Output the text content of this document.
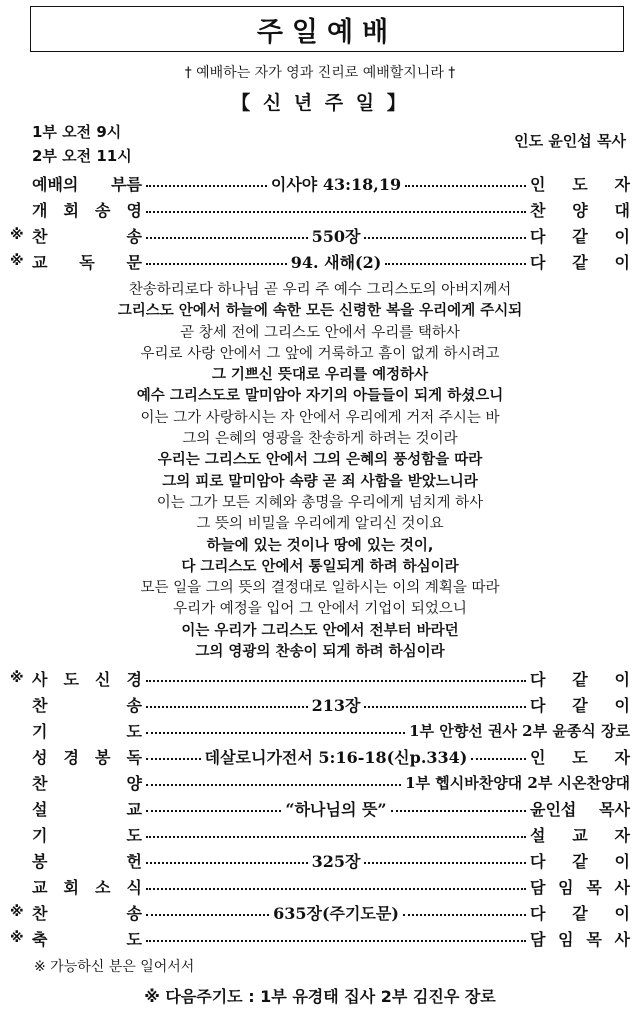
주일예배
† 예배하는 자가 영과 진리로 예배할지니라 †
【 신 년 주 일 】
1부 오전 9시
2부 오전 11시
인도 윤인섭 목사
예배의 부름	이사야 43:18,19	인 도 자
개 회 송 영	찬 양 대
※ 찬	송	550장	다 같 이
※ 교 독 문	94. 새해(2)	다 같 이
찬송하리로다 하나님 곧 우리 주 예수 그리스도의 아버지께서
그리스도 안에서 하늘에 속한 모든 신령한 복을 우리에게 주시되
곧 창세 전에 그리스도 안에서 우리를 택하사
우리로 사랑 안에서 그 앞에 거룩하고 흠이 없게 하시려고
그 기쁘신 뜻대로 우리를 예정하사
예수 그리스도로 말미암아 자기의 아들들이 되게 하셨으니
이는 그가 사랑하시는 자 안에서 우리에게 거저 주시는 바
그의 은혜의 영광을 찬송하게 하려는 것이라
우리는 그리스도 안에서 그의 은혜의 풍성함을 따라
그의 피로 말미암아 속량 곧 죄 사함을 받았느니라
이는 그가 모든 지혜와 총명을 우리에게 넘치게 하사
그 뜻의 비밀을 우리에게 알리신 것이요
하늘에 있는 것이나 땅에 있는 것이,
다 그리스도 안에서 통일되게 하려 하심이라
모든 일을 그의 뜻의 결정대로 일하시는 이의 계획을 따라
우리가 예정을 입어 그 안에서 기업이 되었으니
이는 우리가 그리스도 안에서 전부터 바라던
그의 영광의 찬송이 되게 하려 하심이라
※ 사 도 신 경	다 같 이
찬	송	213장	다 같 이
기	도	1부 안향선 권사 2부 윤종식 장로
성 경 봉 독	데살로니가전서 5:16-18(신p.334)	인 도 자
찬	양	1부 헵시바찬양대 2부 시온찬양대
설	교	“하나님의 뜻”	윤인섭 목사
기	도	설 교 자
봉	헌	325장	다 같 이
교 회 소 식	담 임 목 사
※ 찬	송	635장(주기도문)	다 같 이
※ 축	도	담 임 목 사
※ 가능하신 분은 일어서서
※ 다음주기도 : 1부 유경태 집사 2부 김진우 장로
